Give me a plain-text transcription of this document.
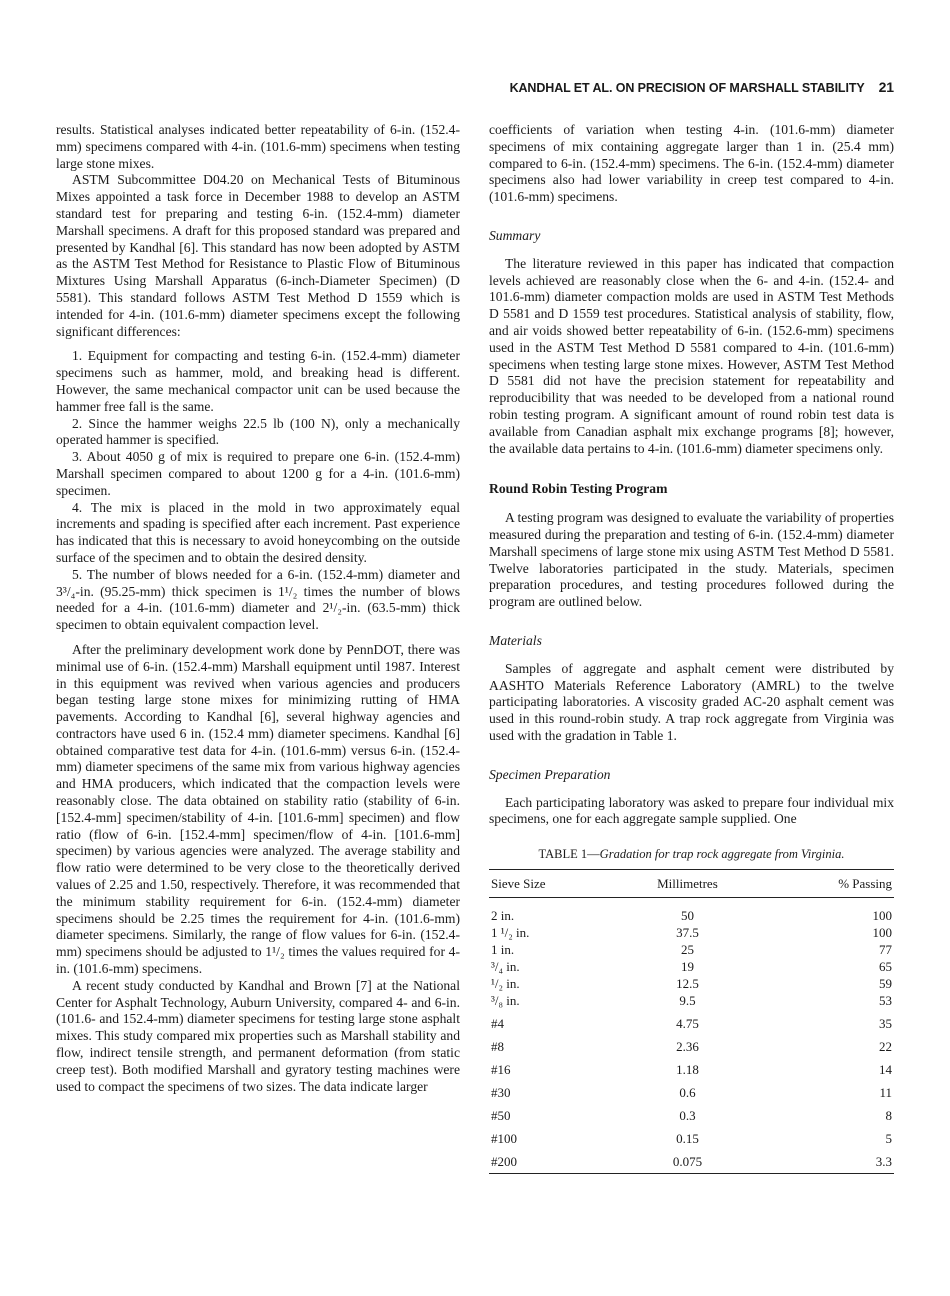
KANDHAL ET AL. ON PRECISION OF MARSHALL STABILITY 21

results. Statistical analyses indicated better repeatability of 6-in. (152.4-mm) specimens compared with 4-in. (101.6-mm) specimens when testing large stone mixes.

ASTM Subcommittee D04.20 on Mechanical Tests of Bituminous Mixes appointed a task force in December 1988 to develop an ASTM standard test for preparing and testing 6-in. (152.4-mm) diameter Marshall specimens. A draft for this proposed standard was prepared and presented by Kandhal [6]. This standard has now been adopted by ASTM as the ASTM Test Method for Resistance to Plastic Flow of Bituminous Mixtures Using Marshall Apparatus (6-inch-Diameter Specimen) (D 5581). This standard follows ASTM Test Method D 1559 which is intended for 4-in. (101.6-mm) diameter specimens except the following significant differences:

1. Equipment for compacting and testing 6-in. (152.4-mm) diameter specimens such as hammer, mold, and breaking head is different. However, the same mechanical compactor unit can be used because the hammer free fall is the same.

2. Since the hammer weighs 22.5 lb (100 N), only a mechanically operated hammer is specified.

3. About 4050 g of mix is required to prepare one 6-in. (152.4-mm) Marshall specimen compared to about 1200 g for a 4-in. (101.6-mm) specimen.

4. The mix is placed in the mold in two approximately equal increments and spading is specified after each increment. Past experience has indicated that this is necessary to avoid honeycombing on the outside surface of the specimen and to obtain the desired density.

5. The number of blows needed for a 6-in. (152.4-mm) diameter and 3³/₄-in. (95.25-mm) thick specimen is 1¹/₂ times the number of blows needed for a 4-in. (101.6-mm) diameter and 2¹/₂-in. (63.5-mm) thick specimen to obtain equivalent compaction level.

After the preliminary development work done by PennDOT, there was minimal use of 6-in. (152.4-mm) Marshall equipment until 1987. Interest in this equipment was revived when various agencies and producers began testing large stone mixes for minimizing rutting of HMA pavements. According to Kandhal [6], several highway agencies and contractors have used 6 in. (152.4 mm) diameter specimens. Kandhal [6] obtained comparative test data for 4-in. (101.6-mm) versus 6-in. (152.4-mm) diameter specimens of the same mix from various highway agencies and HMA producers, which indicated that the compaction levels were reasonably close. The data obtained on stability ratio (stability of 6-in. [152.4-mm] specimen/stability of 4-in. [101.6-mm] specimen) and flow ratio (flow of 6-in. [152.4-mm] specimen/flow of 4-in. [101.6-mm] specimen) by various agencies were analyzed. The average stability and flow ratio were determined to be very close to the theoretically derived values of 2.25 and 1.50, respectively. Therefore, it was recommended that the minimum stability requirement for 6-in. (152.4-mm) diameter specimens should be 2.25 times the requirement for 4-in. (101.6-mm) diameter specimens. Similarly, the range of flow values for 6-in. (152.4-mm) specimens should be adjusted to 1¹/₂ times the values required for 4-in. (101.6-mm) specimens.

A recent study conducted by Kandhal and Brown [7] at the National Center for Asphalt Technology, Auburn University, compared 4- and 6-in. (101.6- and 152.4-mm) diameter specimens for testing large stone asphalt mixes. This study compared mix properties such as Marshall stability and flow, indirect tensile strength, and permanent deformation (from static creep test). Both modified Marshall and gyratory testing machines were used to compact the specimens of two sizes. The data indicate larger

coefficients of variation when testing 4-in. (101.6-mm) diameter specimens of mix containing aggregate larger than 1 in. (25.4 mm) compared to 6-in. (152.4-mm) specimens. The 6-in. (152.4-mm) diameter specimens also had lower variability in creep test compared to 4-in. (101.6-mm) specimens.

Summary

The literature reviewed in this paper has indicated that compaction levels achieved are reasonably close when the 6- and 4-in. (152.4- and 101.6-mm) diameter compaction molds are used in ASTM Test Methods D 5581 and D 1559 test procedures. Statistical analysis of stability, flow, and air voids showed better repeatability of 6-in. (152.6-mm) specimens used in the ASTM Test Method D 5581 compared to 4-in. (101.6-mm) specimens when testing large stone mixes. However, ASTM Test Method D 5581 did not have the precision statement for repeatability and reproducibility that was needed to be developed from a national round robin testing program. A significant amount of round robin test data is available from Canadian asphalt mix exchange programs [8]; however, the available data pertains to 4-in. (101.6-mm) diameter specimens only.

Round Robin Testing Program

A testing program was designed to evaluate the variability of properties measured during the preparation and testing of 6-in. (152.4-mm) diameter Marshall specimens of large stone mix using ASTM Test Method D 5581. Twelve laboratories participated in the study. Materials, specimen preparation procedures, and testing procedures followed during the program are outlined below.

Materials

Samples of aggregate and asphalt cement were distributed by AASHTO Materials Reference Laboratory (AMRL) to the twelve participating laboratories. A viscosity graded AC-20 asphalt cement was used in this round-robin study. A trap rock aggregate from Virginia was used with the gradation in Table 1.

Specimen Preparation

Each participating laboratory was asked to prepare four individual mix specimens, one for each aggregate sample supplied. One

TABLE 1—Gradation for trap rock aggregate from Virginia.
Sieve Size	Millimetres	% Passing
2 in.	50	100
1 ¹/₂ in.	37.5	100
1 in.	25	77
³/₄ in.	19	65
¹/₂ in.	12.5	59
³/₈ in.	9.5	53
#4	4.75	35
#8	2.36	22
#16	1.18	14
#30	0.6	11
#50	0.3	8
#100	0.15	5
#200	0.075	3.3
